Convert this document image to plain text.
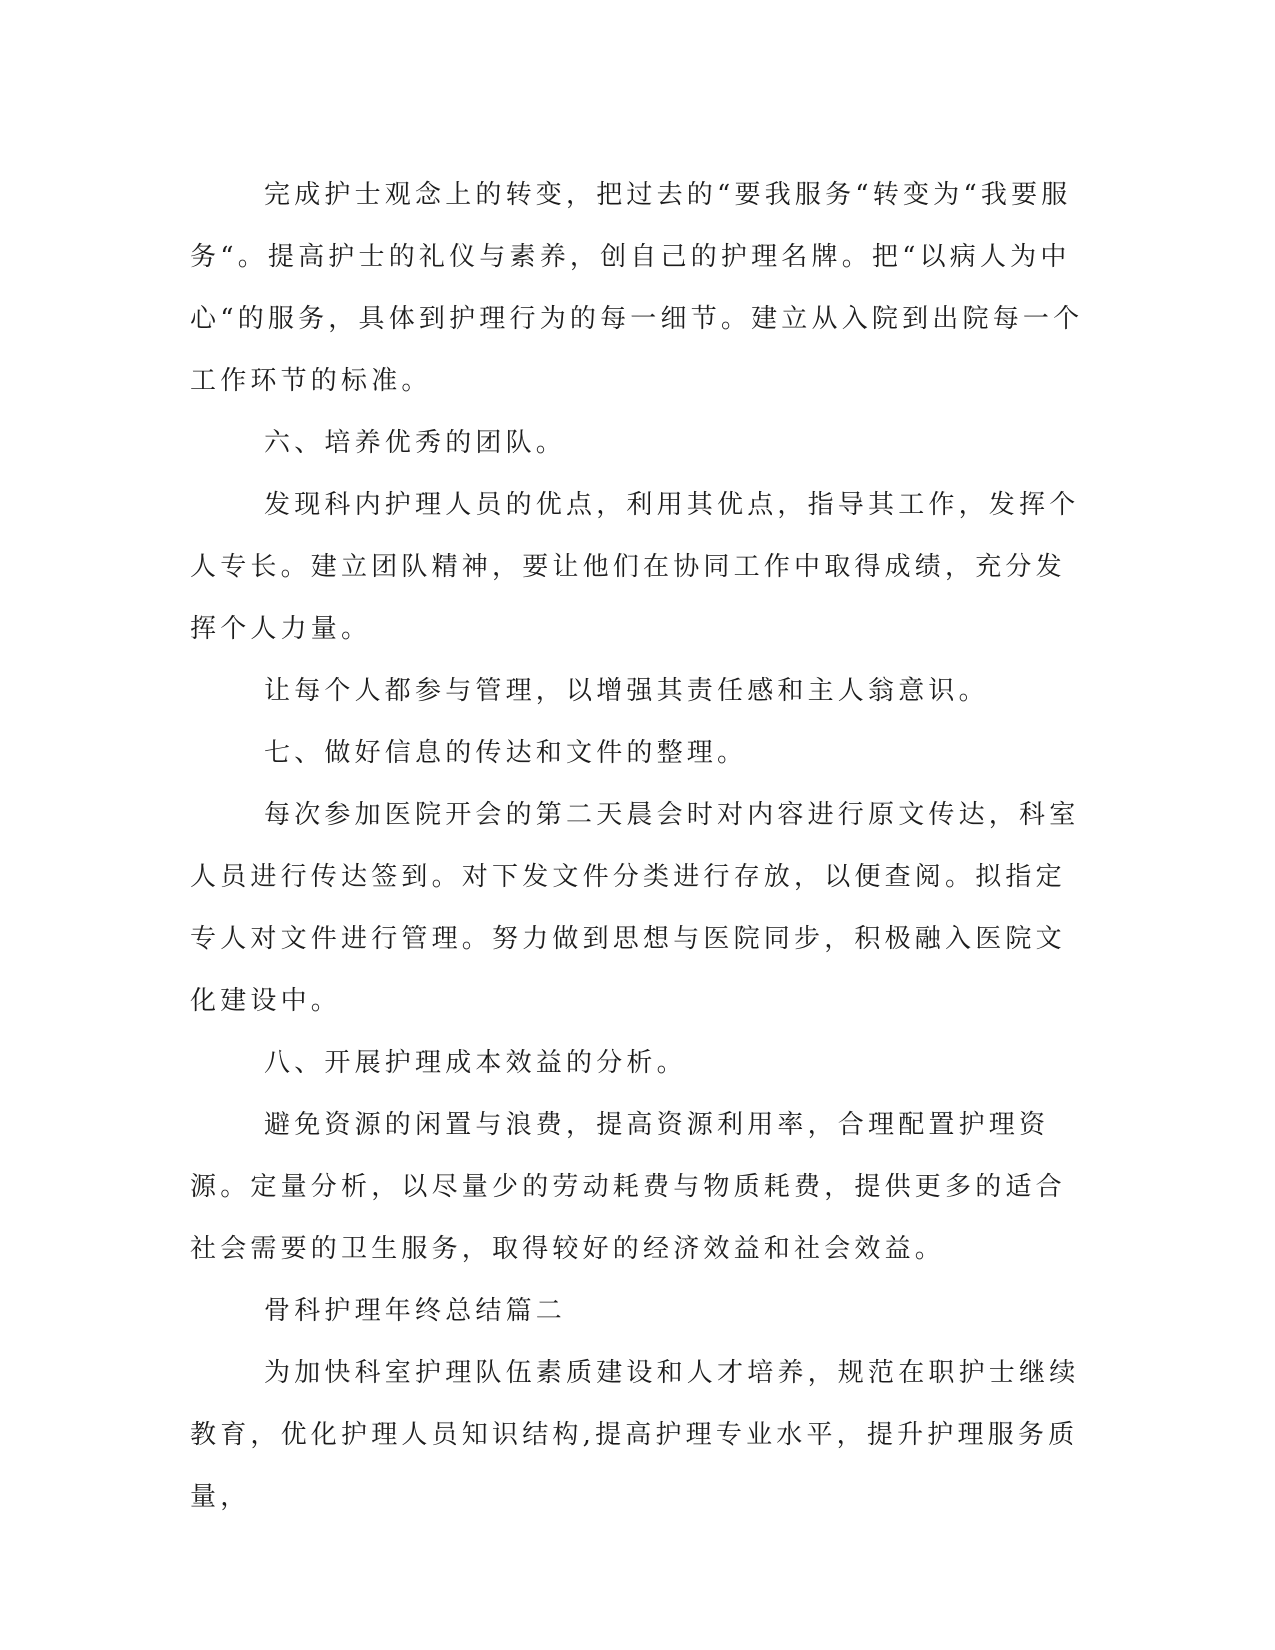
完成护士观念上的转变，把过去的“要我服务“转变为“我要服务“。提高护士的礼仪与素养，创自己的护理名牌。把“以病人为中心“的服务，具体到护理行为的每一细节。建立从入院到出院每一个工作环节的标准。

六、培养优秀的团队。

发现科内护理人员的优点，利用其优点，指导其工作，发挥个人专长。建立团队精神，要让他们在协同工作中取得成绩，充分发挥个人力量。

让每个人都参与管理，以增强其责任感和主人翁意识。

七、做好信息的传达和文件的整理。

每次参加医院开会的第二天晨会时对内容进行原文传达，科室人员进行传达签到。对下发文件分类进行存放，以便查阅。拟指定专人对文件进行管理。努力做到思想与医院同步，积极融入医院文化建设中。

八、开展护理成本效益的分析。

避免资源的闲置与浪费，提高资源利用率，合理配置护理资源。定量分析，以尽量少的劳动耗费与物质耗费，提供更多的适合社会需要的卫生服务，取得较好的经济效益和社会效益。

骨科护理年终总结篇二

为加快科室护理队伍素质建设和人才培养，规范在职护士继续教育，优化护理人员知识结构,提高护理专业水平，提升护理服务质量，
